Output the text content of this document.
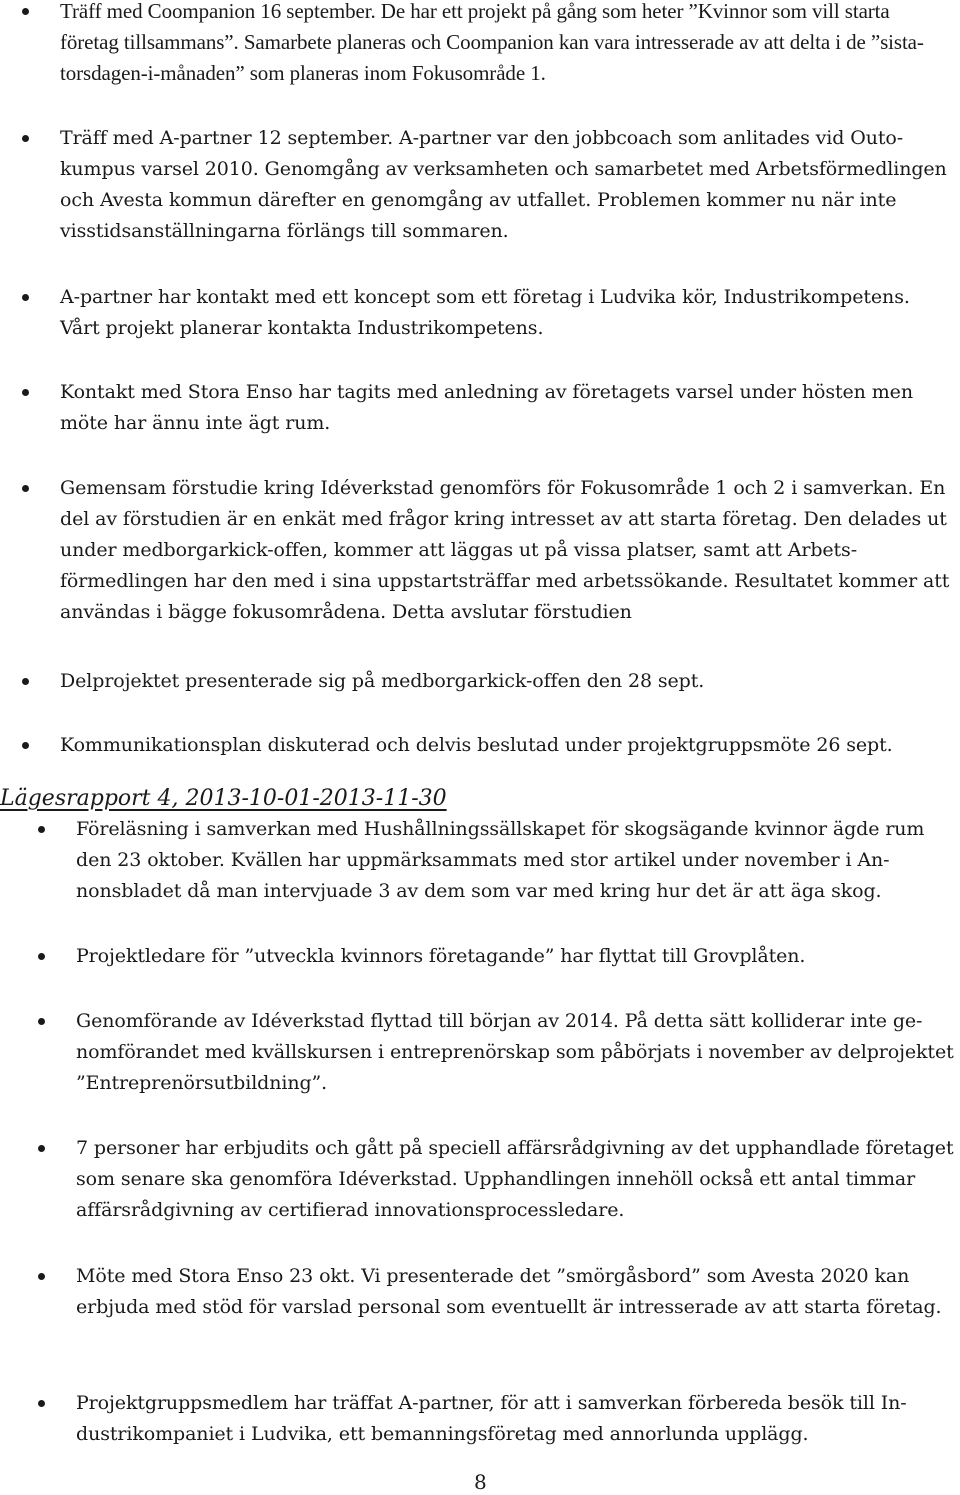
Träff med Coompanion 16 september. De har ett projekt på gång som heter ”Kvinnor som vill starta företag tillsammans”. Samarbete planeras och Coompanion kan vara intresserade av att delta i de ”sista-torsdagen-i-månaden” som planeras inom Fokusområde 1.
Träff med A-partner 12 september. A-partner var den jobbcoach som anlitades vid Outokumpus varsel 2010. Genomgång av verksamheten och samarbetet med Arbetsförmedlingen och Avesta kommun därefter en genomgång av utfallet. Problemen kommer nu när inte visstidsanställningarna förlängs till sommaren.
A-partner har kontakt med ett koncept som ett företag i Ludvika kör, Industrikompetens. Vårt projekt planerar kontakta Industrikompetens.
Kontakt med Stora Enso har tagits med anledning av företagets varsel under hösten men möte har ännu inte ägt rum.
Gemensam förstudie kring Idéverkstad genomförs för Fokusområde 1 och 2 i samverkan. En del av förstudien är en enkät med frågor kring intresset av att starta företag. Den delades ut under medborgarkick-offen, kommer att läggas ut på vissa platser, samt att Arbetsförmedlingen har den med i sina uppstartsträffar med arbetssökande. Resultatet kommer att användas i bägge fokusområdena. Detta avslutar förstudien
Delprojektet presenterade sig på medborgarkick-offen den 28 sept.
Kommunikationsplan diskuterad och delvis beslutad under projektgruppsmöte 26 sept.
Lägesrapport 4, 2013-10-01-2013-11-30
Föreläsning i samverkan med Hushållningssällskapet för skogsägande kvinnor ägde rum den 23 oktober. Kvällen har uppmärksammats med stor artikel under november i Annonsbladet då man intervjuade 3 av dem som var med kring hur det är att äga skog.
Projektledare för ”utveckla kvinnors företagande” har flyttat till Grovplåten.
Genomförande av Idéverkstad flyttad till början av 2014. På detta sätt kolliderar inte genomförandet med kvällskursen i entreprenörskap som påbörjats i november av delprojektet ”Entreprenörsutbildning”.
7 personer har erbjudits och gått på speciell affärsrådgivning av det upphandlade företaget som senare ska genomföra Idéverkstad. Upphandlingen innehöll också ett antal timmar affärsrådgivning av certifierad innovationsprocessledare.
Möte med Stora Enso 23 okt. Vi presenterade det ”smörgåsbord” som Avesta 2020 kan erbjuda med stöd för varslad personal som eventuellt är intresserade av att starta företag.
Projektgruppsmedlem har träffat A-partner, för att i samverkan förbereda besök till Industrikompaniet i Ludvika, ett bemanningsföretag med annorlunda upplägg.
8
